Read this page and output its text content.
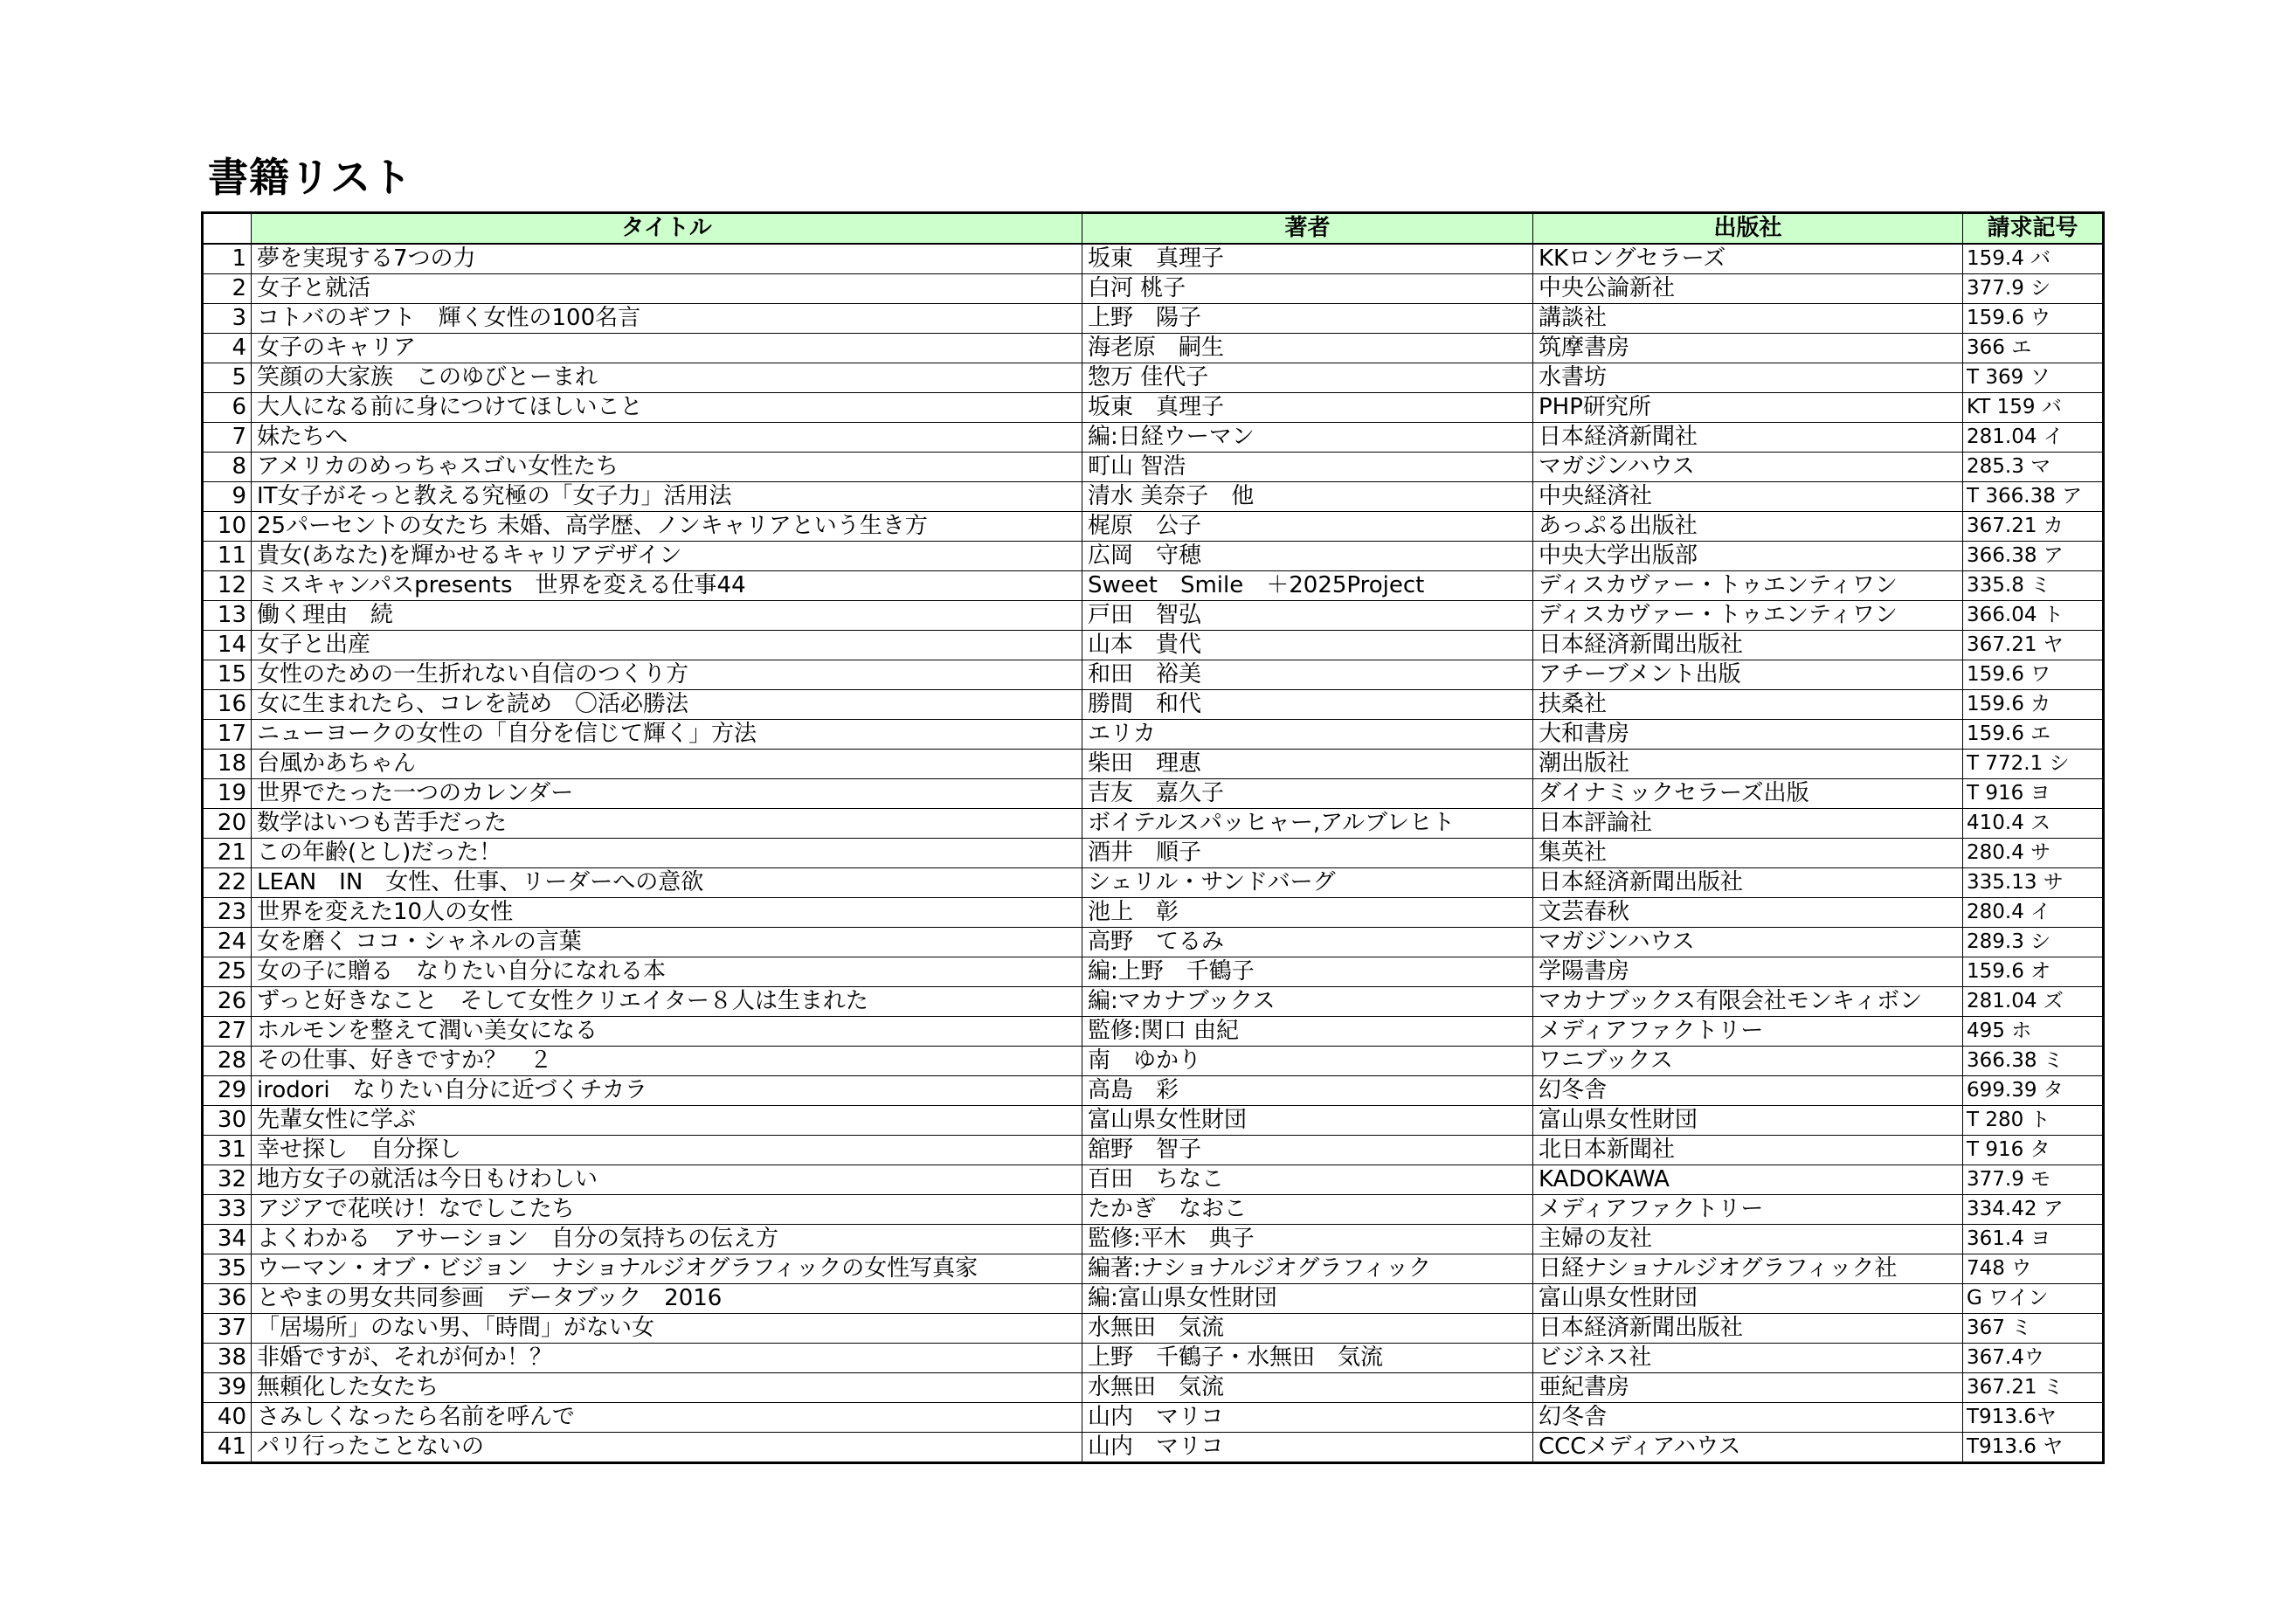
書籍リスト
	タイトル	著者	出版社	請求記号
1	夢を実現する7つの力	坂東　真理子	KKロングセラーズ	159.4 バ
2	女子と就活	白河 桃子	中央公論新社	377.9 シ
3	コトバのギフト　輝く女性の100名言	上野　陽子	講談社	159.6 ウ
4	女子のキャリア	海老原　嗣生	筑摩書房	366 エ
5	笑顔の大家族　このゆびとーまれ	惣万 佳代子	水書坊	T 369 ソ
6	大人になる前に身につけてほしいこと	坂東　真理子	PHP研究所	KT 159 バ
7	妹たちへ	編:日経ウーマン	日本経済新聞社	281.04 イ
8	アメリカのめっちゃスゴい女性たち	町山 智浩	マガジンハウス	285.3 マ
9	IT女子がそっと教える究極の「女子力」活用法	清水 美奈子　他	中央経済社	T 366.38 ア
10	25パーセントの女たち 未婚、高学歴、ノンキャリアという生き方	梶原　公子	あっぷる出版社	367.21 カ
11	貴女(あなた)を輝かせるキャリアデザイン	広岡　守穂	中央大学出版部	366.38 ア
12	ミスキャンパスpresents　世界を変える仕事44	Sweet　Smile　＋2025Project	ディスカヴァー・トゥエンティワン	335.8 ミ
13	働く理由　続	戸田　智弘	ディスカヴァー・トゥエンティワン	366.04 ト
14	女子と出産	山本　貴代	日本経済新聞出版社	367.21 ヤ
15	女性のための一生折れない自信のつくり方	和田　裕美	アチーブメント出版	159.6 ワ
16	女に生まれたら、コレを読め　〇活必勝法	勝間　和代	扶桑社	159.6 カ
17	ニューヨークの女性の「自分を信じて輝く」方法	エリカ	大和書房	159.6 エ
18	台風かあちゃん	柴田　理恵	潮出版社	T 772.1 シ
19	世界でたった一つのカレンダー	吉友　嘉久子	ダイナミックセラーズ出版	T 916 ヨ
20	数学はいつも苦手だった	ボイテルスパッヒャー,アルブレヒト	日本評論社	410.4 ス
21	この年齢(とし)だった！	酒井　順子	集英社	280.4 サ
22	LEAN　IN　女性、仕事、リーダーへの意欲	シェリル・サンドバーグ	日本経済新聞出版社	335.13 サ
23	世界を変えた10人の女性	池上　彰	文芸春秋	280.4 イ
24	女を磨く ココ・シャネルの言葉	高野　てるみ	マガジンハウス	289.3 シ
25	女の子に贈る　なりたい自分になれる本	編:上野　千鶴子	学陽書房	159.6 オ
26	ずっと好きなこと　そして女性クリエイター８人は生まれた	編:マカナブックス	マカナブックス有限会社モンキィボン	281.04 ズ
27	ホルモンを整えて潤い美女になる	監修:関口 由紀	メディアファクトリー	495 ホ
28	その仕事、好きですか？　２	南　ゆかり	ワニブックス	366.38 ミ
29	irodori　なりたい自分に近づくチカラ	高島　彩	幻冬舎	699.39 タ
30	先輩女性に学ぶ	富山県女性財団	富山県女性財団	T 280 ト
31	幸せ探し　自分探し	舘野　智子	北日本新聞社	T 916 タ
32	地方女子の就活は今日もけわしい	百田　ちなこ	KADOKAWA	377.9 モ
33	アジアで花咲け！なでしこたち	たかぎ　なおこ	メディアファクトリー	334.42 ア
34	よくわかる　アサーション　自分の気持ちの伝え方	監修:平木　典子	主婦の友社	361.4 ヨ
35	ウーマン・オブ・ビジョン　ナショナルジオグラフィックの女性写真家	編著:ナショナルジオグラフィック	日経ナショナルジオグラフィック社	748 ウ
36	とやまの男女共同参画　データブック　2016	編:富山県女性財団	富山県女性財団	G ワイン
37	「居場所」のない男、「時間」がない女	水無田　気流	日本経済新聞出版社	367 ミ
38	非婚ですが、それが何か！？	上野　千鶴子・水無田　気流	ビジネス社	367.4ウ
39	無頼化した女たち	水無田　気流	亜紀書房	367.21 ミ
40	さみしくなったら名前を呼んで	山内　マリコ	幻冬舎	T913.6ヤ
41	パリ行ったことないの	山内　マリコ	CCCメディアハウス	T913.6 ヤ
